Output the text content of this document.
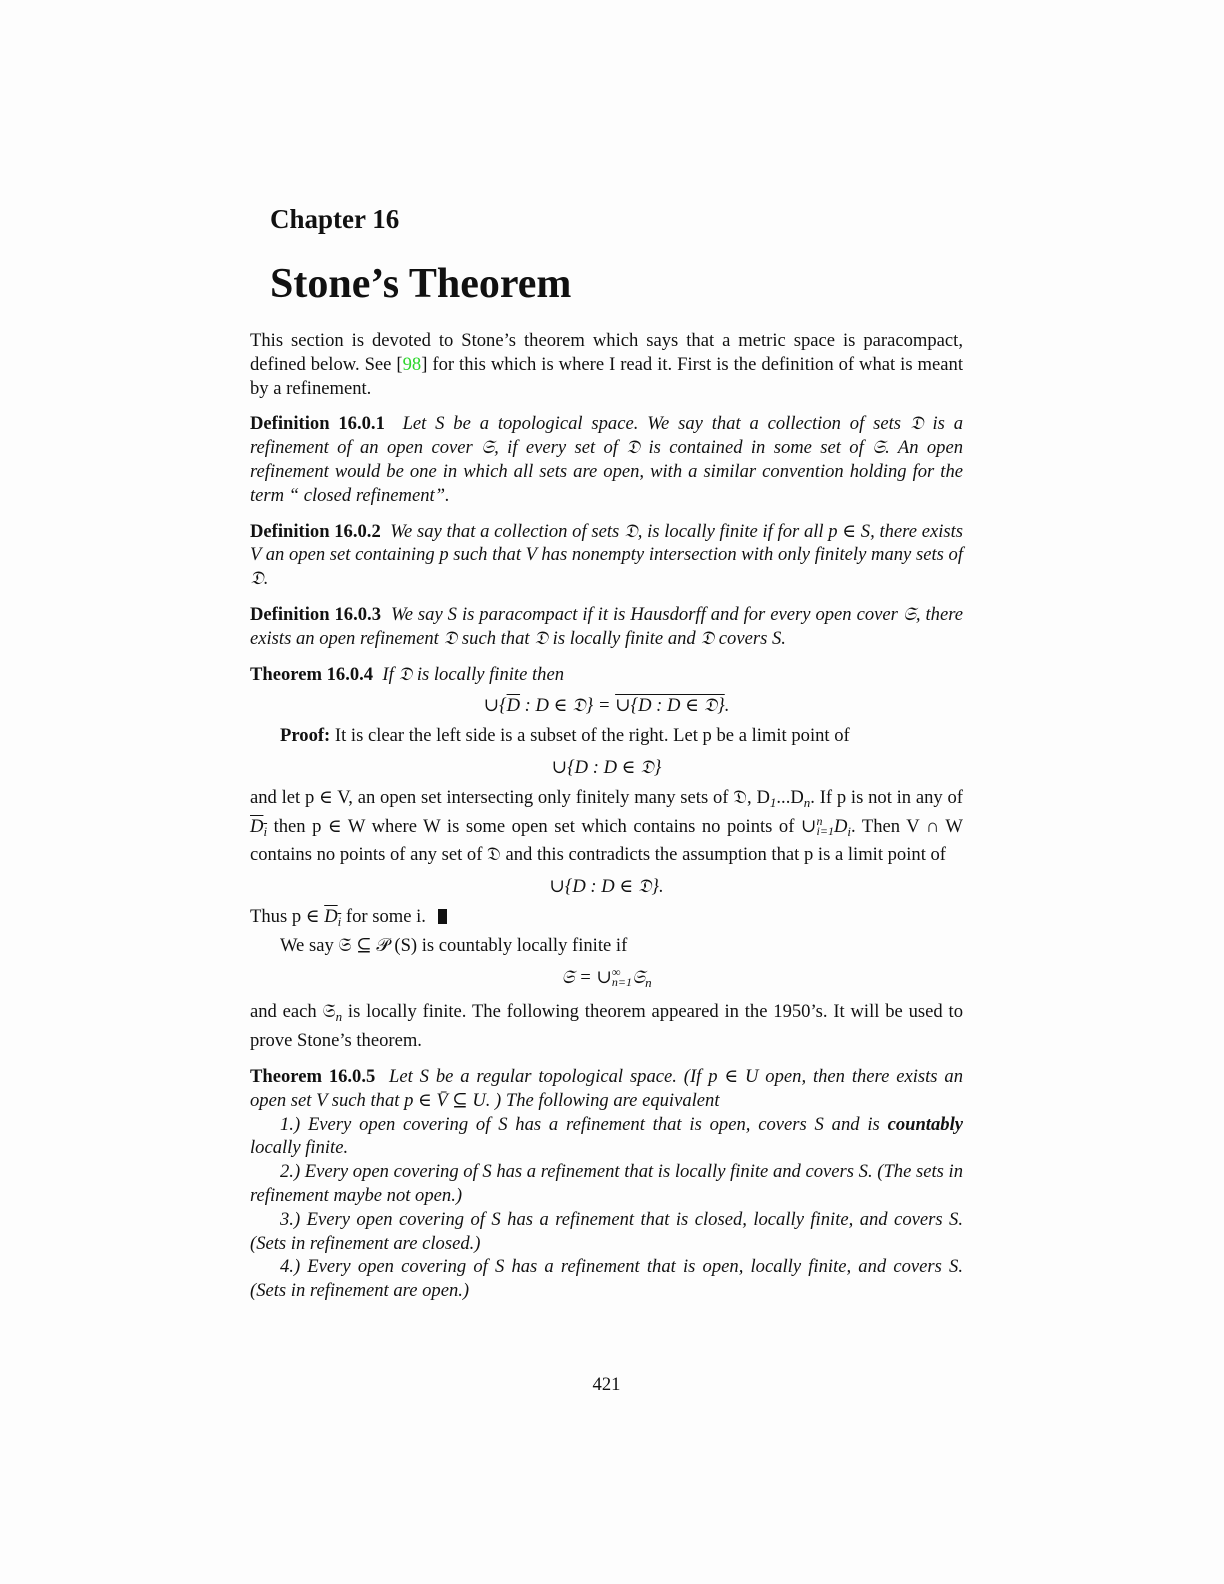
Chapter 16
Stone’s Theorem

This section is devoted to Stone’s theorem which says that a metric space is paracompact, defined below. See [98] for this which is where I read it. First is the definition of what is meant by a refinement.

Definition 16.0.1 Let S be a topological space. We say that a collection of sets 𝔇 is a refinement of an open cover 𝔖, if every set of 𝔇 is contained in some set of 𝔖. An open refinement would be one in which all sets are open, with a similar convention holding for the term “ closed refinement”.

Definition 16.0.2 We say that a collection of sets 𝔇, is locally finite if for all p ∈ S, there exists V an open set containing p such that V has nonempty intersection with only finitely many sets of 𝔇.

Definition 16.0.3 We say S is paracompact if it is Hausdorff and for every open cover 𝔖, there exists an open refinement 𝔇 such that 𝔇 is locally finite and 𝔇 covers S.

Theorem 16.0.4 If 𝔇 is locally finite then

$\cup\{\overline{D}$ : D ∈ 𝔇} = ∪{D : D ∈ 𝔇}.

Proof: It is clear the left side is a subset of the right. Let p be a limit point of

∪{D : D ∈ 𝔇}

and let p ∈ V, an open set intersecting only finitely many sets of 𝔇, $D_1...D_n$. If p is not in any of $D_i$ then p ∈ W where W is some open set which contains no points of ∪n
$i=1D_i$. Then V ∩ W contains no points of any set of 𝔇 and this contradicts the assumption that p is a limit point of

∪{D : D ∈ 𝔇}.

Thus p ∈ $D_i$ for some i.

We say 𝔖 ⊆ 𝒫 (S) is countably locally finite if

𝔖 = ∪∞
n=1𝔖$_n$

and each 𝔖$_n$ is locally finite. The following theorem appeared in the 1950’s. It will be used to prove Stone’s theorem.

Theorem 16.0.5 Let S be a regular topological space. (If p ∈ U open, then there exists an open set V such that p ∈ V̄ ⊆ U. ) The following are equivalent

1.) Every open covering of S has a refinement that is open, covers S and is countably locally finite.

2.) Every open covering of S has a refinement that is locally finite and covers S. (The sets in refinement maybe not open.)

3.) Every open covering of S has a refinement that is closed, locally finite, and covers S. (Sets in refinement are closed.)

4.) Every open covering of S has a refinement that is open, locally finite, and covers S. (Sets in refinement are open.)

421
